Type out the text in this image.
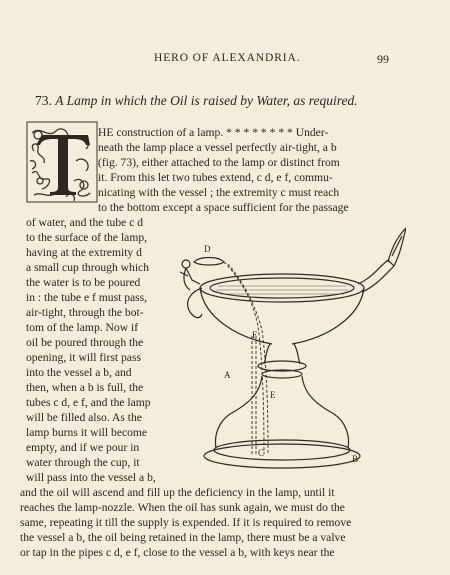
HERO OF ALEXANDRIA.	99
73. A Lamp in which the Oil is raised by Water, as required.
T
HE construction of a lamp. * * * * * * * * Under-
neath the lamp place a vessel perfectly air-tight, a b
(fig. 73), either attached to the lamp or distinct from
it. From this let two tubes extend, c d, e f, commu-
nicating with the vessel ; the extremity c must reach
to the bottom except a space sufficient for the passage
of water, and the tube c d
to the surface of the lamp,
having at the extremity d
a small cup through which
the water is to be poured
in : the tube e f must pass,
air-tight, through the bot-
tom of the lamp. Now if
oil be poured through the
opening, it will first pass
into the vessel a b, and
then, when a b is full, the
tubes c d, e f, and the lamp
will be filled also. As the
lamp burns it will become
empty, and if we pour in
water through the cup, it
will pass into the vessel a b,
and the oil will ascend and fill up the deficiency in the lamp, until it
reaches the lamp-nozzle. When the oil has sunk again, we must do the
same, repeating it till the supply is expended. If it is required to remove
the vessel a b, the oil being retained in the lamp, there must be a valve
or tap in the pipes c d, e f, close to the vessel a b, with keys near the
D
F
A
E
C
B
